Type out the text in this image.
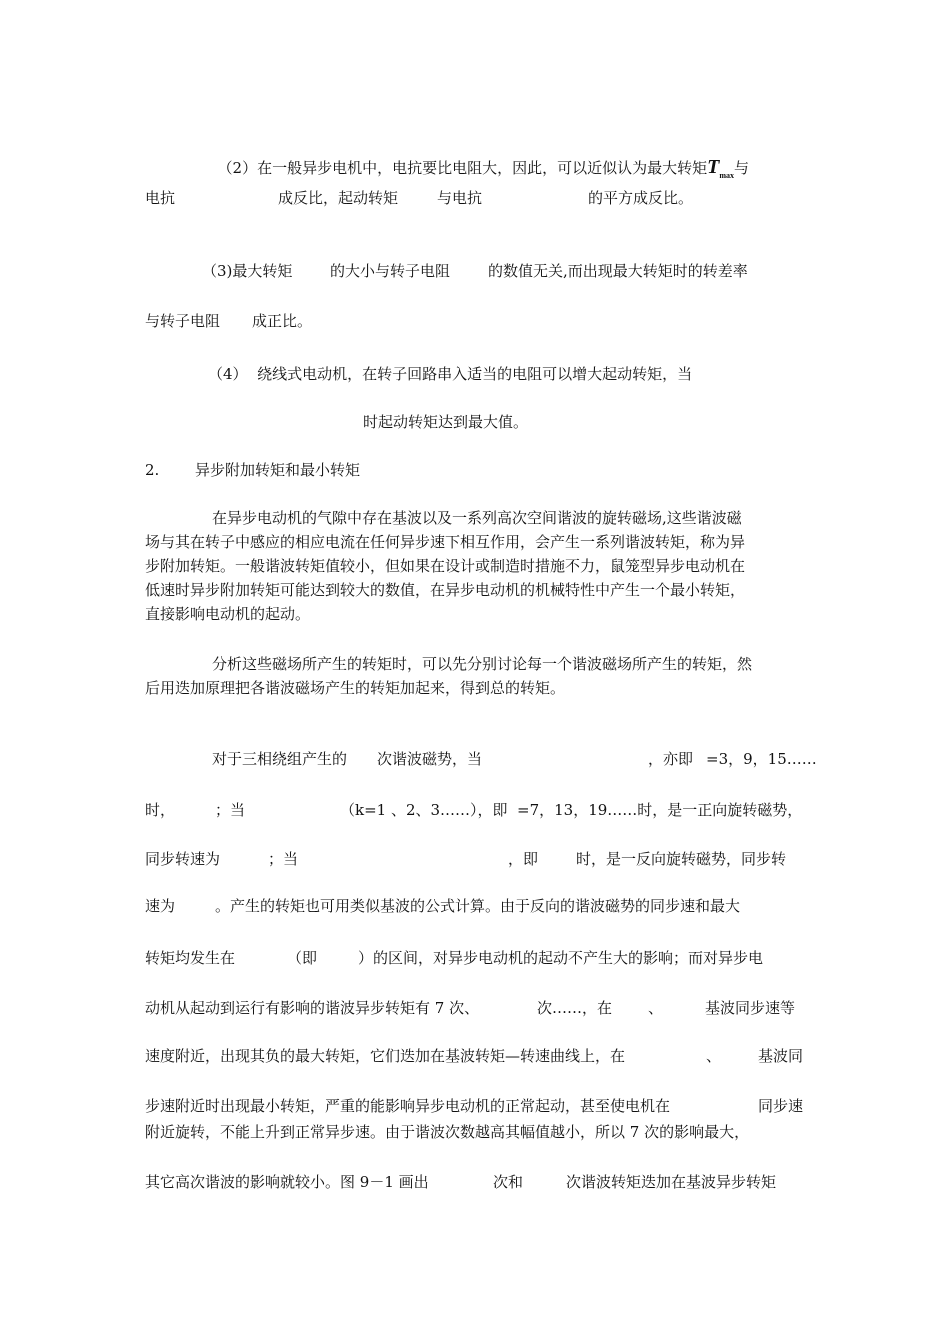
（2）在一般异步电机中，电抗要比电阻大，因此，可以近似认为最大转矩$T_{max}$与

电抗	成反比，起动转矩	与电抗	的平方成反比。
（3)最大转矩	的大小与转子电阻	的数值无关,而出现最大转矩时的转差率
与转子电阻 成正比。
（4）  绕线式电动机，在转子回路串入适当的电阻可以增大起动转矩，当
时起动转矩达到最大值。
2. 异步附加转矩和最小转矩
在异步电动机的气隙中存在基波以及一系列高次空间谐波的旋转磁场,这些谐波磁
场与其在转子中感应的相应电流在任何异步速下相互作用，会产生一系列谐波转矩，称为异
步附加转矩。一般谐波转矩值较小，但如果在设计或制造时措施不力，鼠笼型异步电动机在
低速时异步附加转矩可能达到较大的数值，在异步电动机的机械特性中产生一个最小转矩，
直接影响电动机的起动。
分析这些磁场所产生的转矩时，可以先分别讨论每一个谐波磁场所产生的转矩，然
后用迭加原理把各谐波磁场产生的转矩加起来，得到总的转矩。
对于三相绕组产生的 次谐波磁势，当	，亦即 =3，9，15……
时，	；当	（k=1 、2、3……），即 =7，13，19……时，是一正向旋转磁势，
同步转速为	；当	，即	时，是一反向旋转磁势，同步转
速为	。产生的转矩也可用类似基波的公式计算。由于反向的谐波磁势的同步速和最大
转矩均发生在	（即	）的区间，对异步电动机的起动不产生大的影响；而对异步电
动机从起动到运行有影响的谐波异步转矩有 7 次、	次……，在 、	基波同步速等
速度附近，出现其负的最大转矩，它们迭加在基波转矩—转速曲线上，在	、 基波同
步速附近时出现最小转矩，严重的能影响异步电动机的正常起动，甚至使电机在	同步速
附近旋转，不能上升到正常异步速。由于谐波次数越高其幅值越小，所以 7 次的影响最大，
其它高次谐波的影响就较小。图 9－1 画出	次和	次谐波转矩迭加在基波异步转矩
